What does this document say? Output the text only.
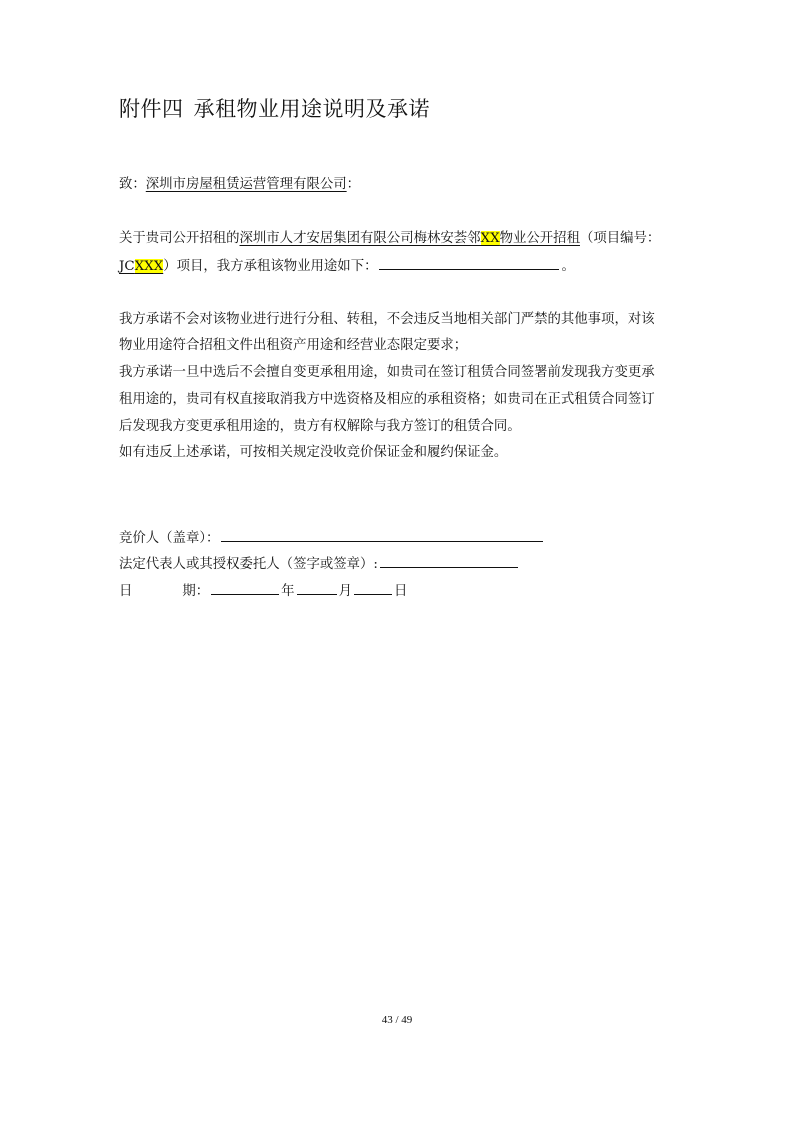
附件四 承租物业用途说明及承诺
致：深圳市房屋租赁运营管理有限公司：
关于贵司公开招租的深圳市人才安居集团有限公司梅林安荟邻XX物业公开招租（项目编号：
JCXXX）项目，我方承租该物业用途如下：	。
我方承诺不会对该物业进行进行分租、转租，不会违反当地相关部门严禁的其他事项，对该
物业用途符合招租文件出租资产用途和经营业态限定要求；
我方承诺一旦中选后不会擅自变更承租用途，如贵司在签订租赁合同签署前发现我方变更承
租用途的，贵司有权直接取消我方中选资格及相应的承租资格；如贵司在正式租赁合同签订
后发现我方变更承租用途的，贵方有权解除与我方签订的租赁合同。
如有违反上述承诺，可按相关规定没收竞价保证金和履约保证金。
竞价人（盖章）：
法定代表人或其授权委托人（签字或签章）:
日	期：	年	月	日
43 / 49
